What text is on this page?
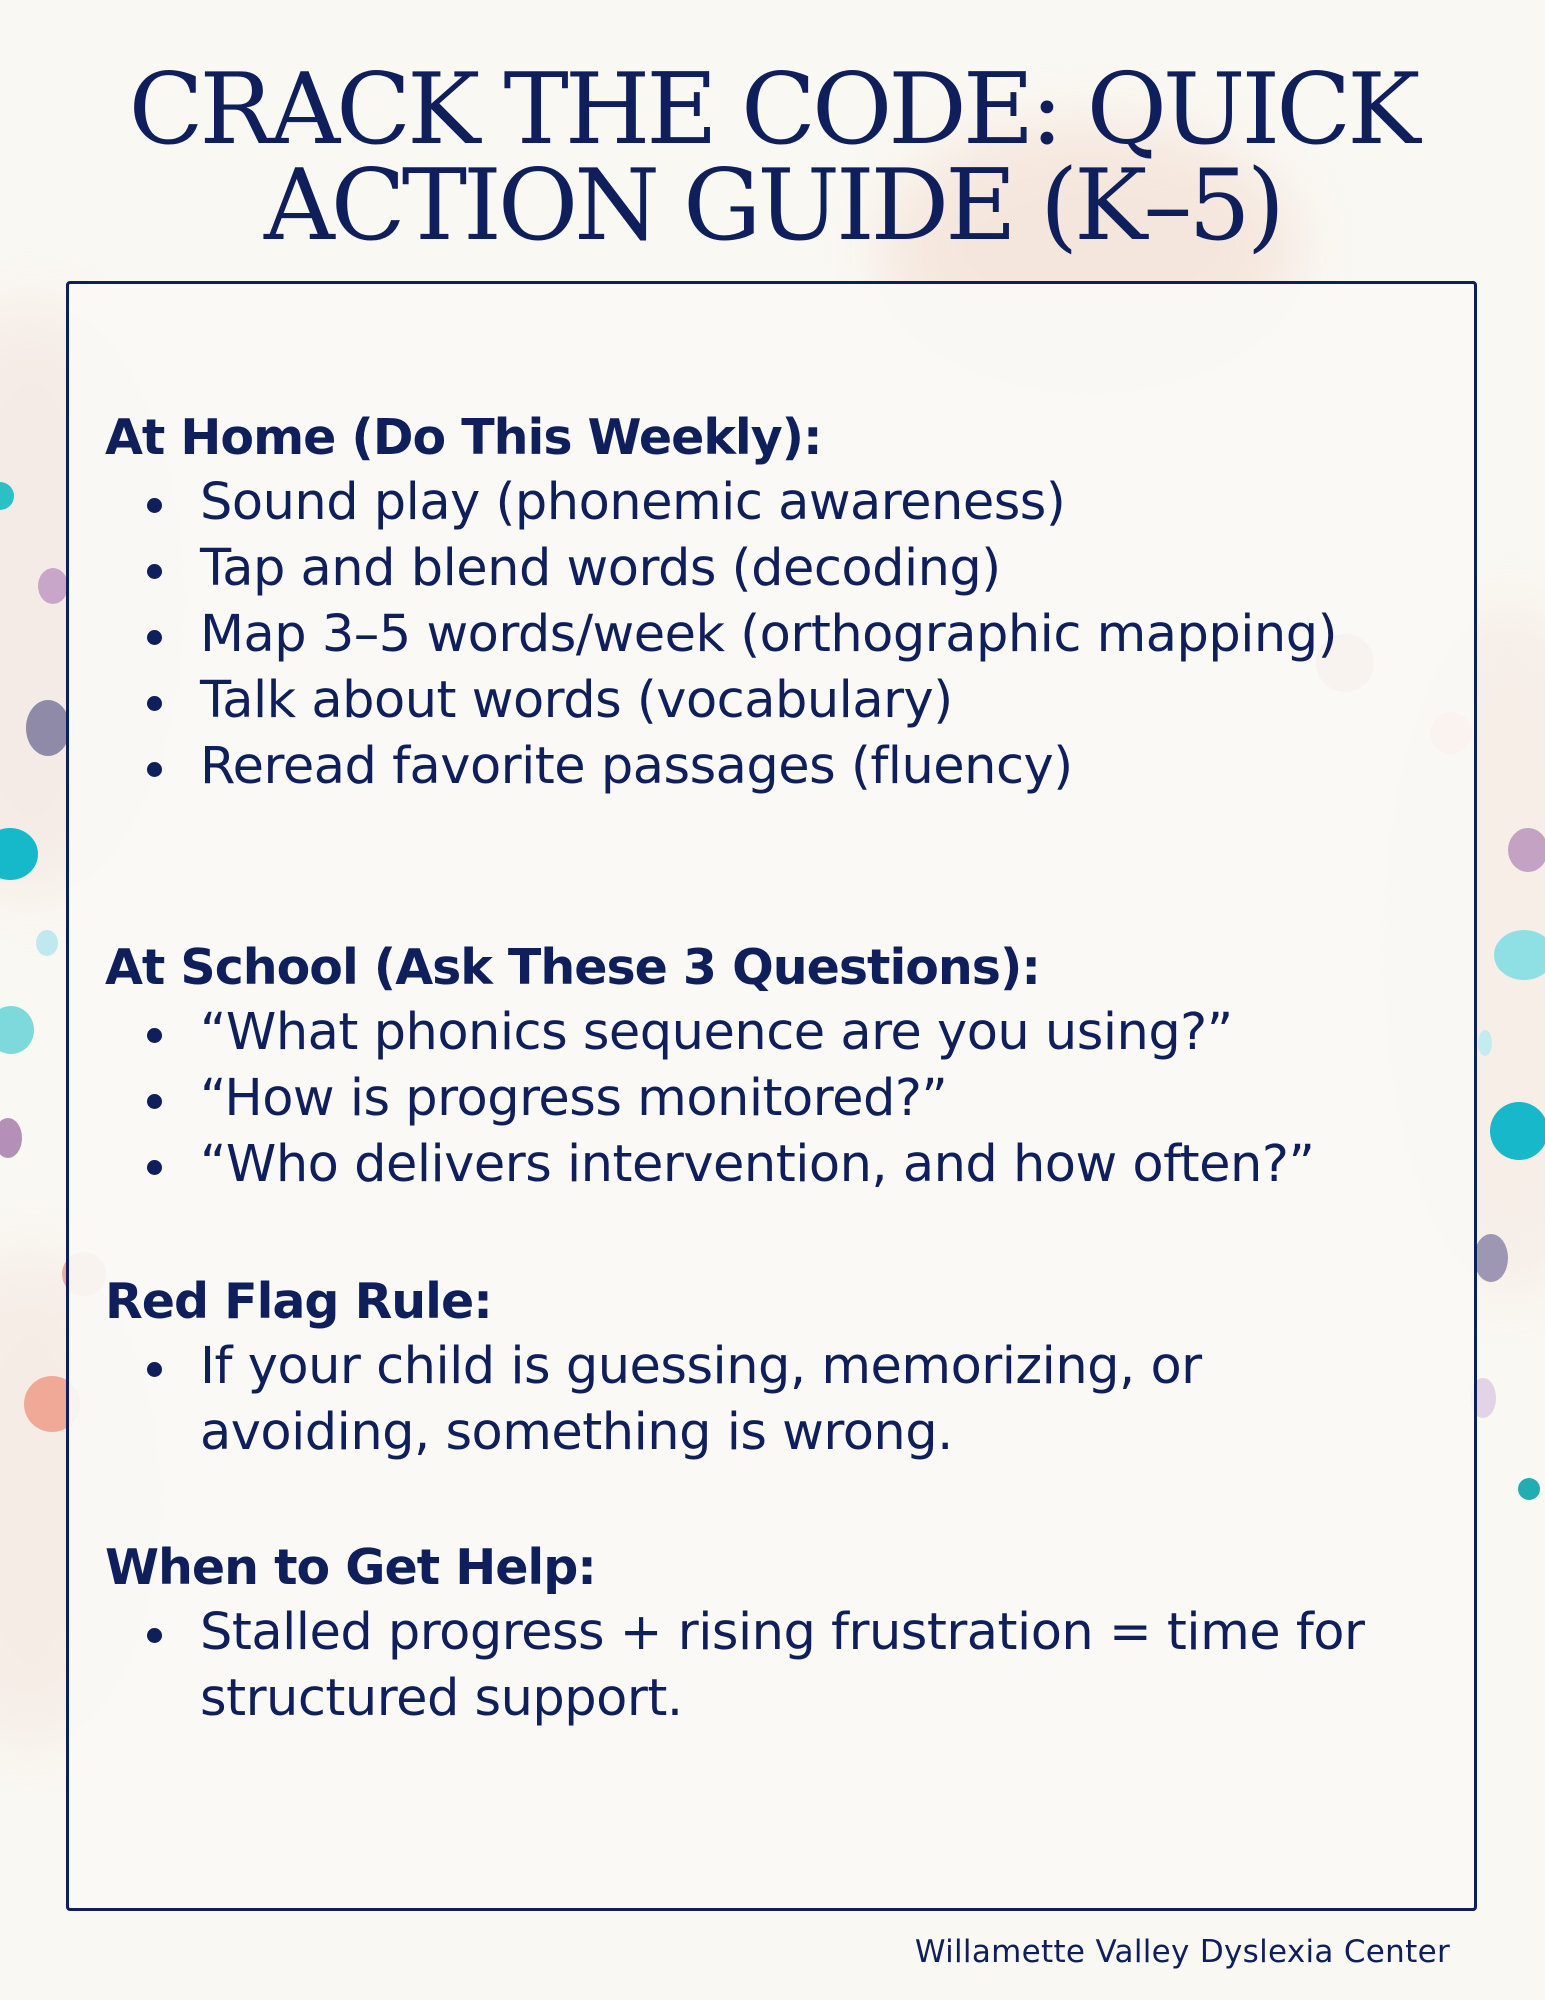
CRACK THE CODE: QUICK
ACTION GUIDE (K–5)
At Home (Do This Weekly):
Sound play (phonemic awareness)
Tap and blend words (decoding)
Map 3–5 words/week (orthographic mapping)
Talk about words (vocabulary)
Reread favorite passages (fluency)
At School (Ask These 3 Questions):
“What phonics sequence are you using?”
“How is progress monitored?”
“Who delivers intervention, and how often?”
Red Flag Rule:
If your child is guessing, memorizing, or avoiding, something is wrong.
When to Get Help:
Stalled progress + rising frustration = time for structured support.
Willamette Valley Dyslexia Center
